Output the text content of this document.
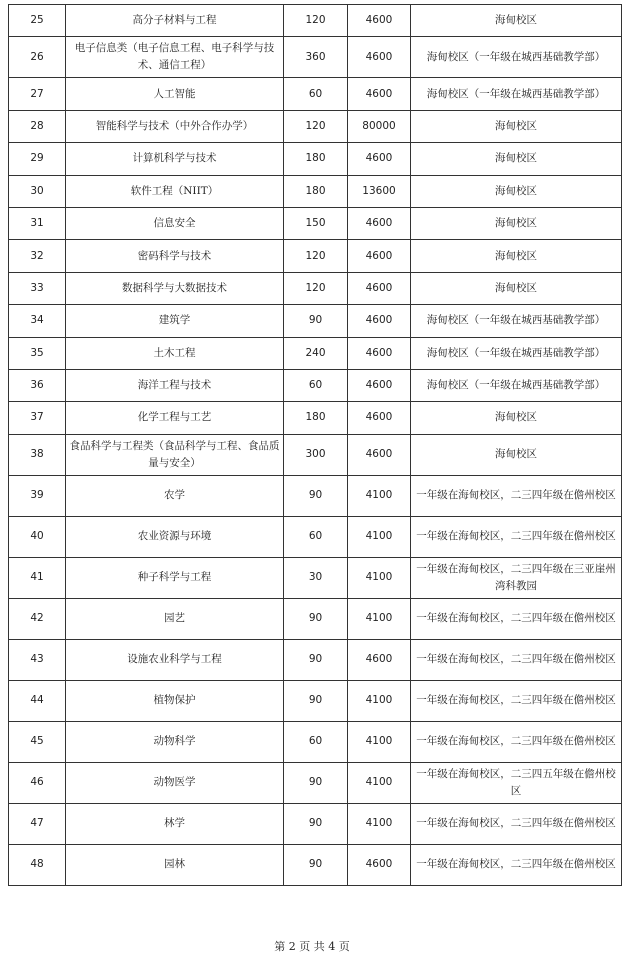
25	高分子材料与工程	120	4600	海甸校区
26	电子信息类（电子信息工程、电子科学与技术、通信工程）	360	4600	海甸校区（一年级在城西基础教学部）
27	人工智能	60	4600	海甸校区（一年级在城西基础教学部）
28	智能科学与技术（中外合作办学）	120	80000	海甸校区
29	计算机科学与技术	180	4600	海甸校区
30	软件工程（NIIT）	180	13600	海甸校区
31	信息安全	150	4600	海甸校区
32	密码科学与技术	120	4600	海甸校区
33	数据科学与大数据技术	120	4600	海甸校区
34	建筑学	90	4600	海甸校区（一年级在城西基础教学部）
35	土木工程	240	4600	海甸校区（一年级在城西基础教学部）
36	海洋工程与技术	60	4600	海甸校区（一年级在城西基础教学部）
37	化学工程与工艺	180	4600	海甸校区
38	食品科学与工程类（食品科学与工程、食品质量与安全）	300	4600	海甸校区
39	农学	90	4100	一年级在海甸校区，二三四年级在儋州校区
40	农业资源与环境	60	4100	一年级在海甸校区，二三四年级在儋州校区
41	种子科学与工程	30	4100	一年级在海甸校区，二三四年级在三亚崖州湾科教园
42	园艺	90	4100	一年级在海甸校区，二三四年级在儋州校区
43	设施农业科学与工程	90	4600	一年级在海甸校区，二三四年级在儋州校区
44	植物保护	90	4100	一年级在海甸校区，二三四年级在儋州校区
45	动物科学	60	4100	一年级在海甸校区，二三四年级在儋州校区
46	动物医学	90	4100	一年级在海甸校区，二三四五年级在儋州校区
47	林学	90	4100	一年级在海甸校区，二三四年级在儋州校区
48	园林	90	4600	一年级在海甸校区，二三四年级在儋州校区
第 2 页 共 4 页
